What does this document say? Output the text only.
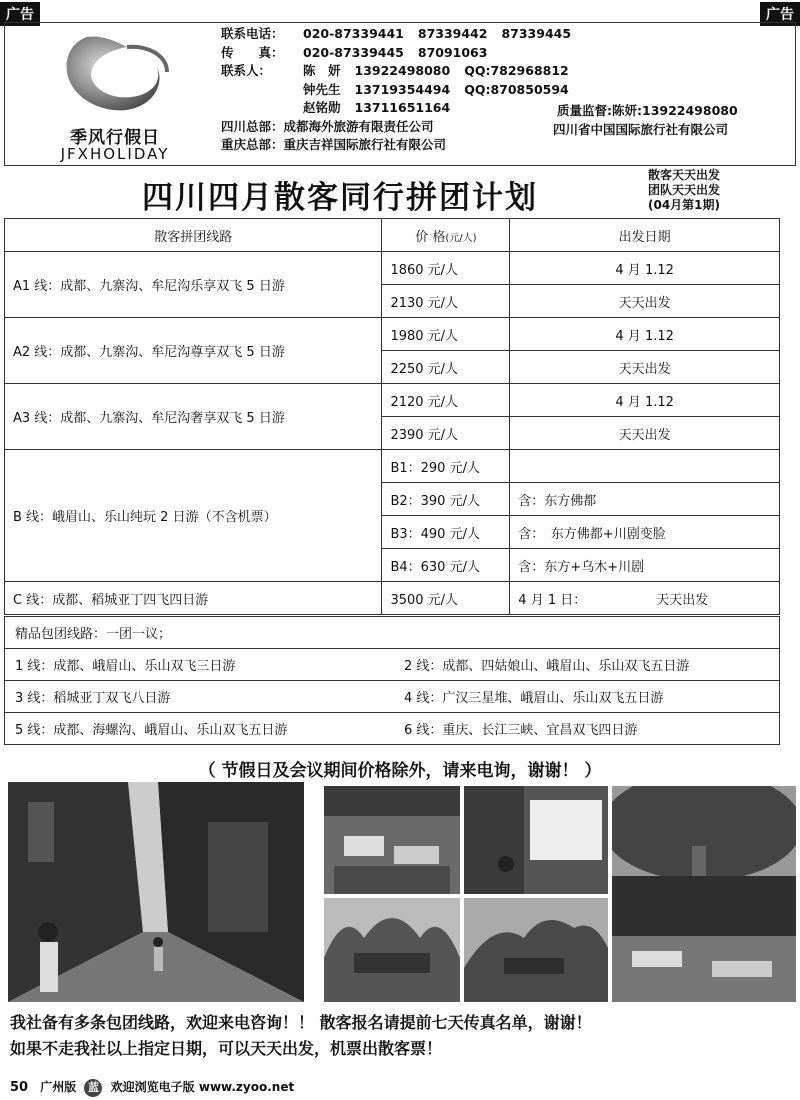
广告	广告
季风行假日
JFXHOLIDAY
联系电话： 020-87339441 87339442 87339445
传　　真： 020-87339445 87091063
联系人：	陈　妍 13922498080 QQ:782968812
钟先生 13719354494 QQ:870850594
赵铭勋 13711651164
四川总部：成都海外旅游有限责任公司
重庆总部：重庆吉祥国际旅行社有限公司
质量监督:陈妍:13922498080
四川省中国国际旅行社有限公司
四川四月散客同行拼团计划
散客天天出发
团队天天出发
(04月第1期)
散客拼团线路	价 格(元/人)	出发日期
A1 线：成都、九寨沟、牟尼沟乐享双飞 5 日游	1860 元/人	4 月 1.12
	2130 元/人	天天出发
A2 线：成都、九寨沟、牟尼沟尊享双飞 5 日游	1980 元/人	4 月 1.12
	2250 元/人	天天出发
A3 线：成都、九寨沟、牟尼沟奢享双飞 5 日游	2120 元/人	4 月 1.12
	2390 元/人	天天出发
B 线：峨眉山、乐山纯玩 2 日游（不含机票）	B1：290 元/人	
	B2：390 元/人	含：东方佛都
	B3：490 元/人	含：　东方佛都+川剧变脸
	B4：630 元/人	含：东方+乌木+川剧
C 线：成都、稻城亚丁四飞四日游	3500 元/人	4 月 1 日： 天天出发
精品包团线路：一团一议；	
1 线：成都、峨眉山、乐山双飞三日游	2 线：成都、四姑娘山、峨眉山、乐山双飞五日游
3 线：稻城亚丁双飞八日游	4 线：广汉三星堆、峨眉山、乐山双飞五日游
5 线：成都、海螺沟、峨眉山、乐山双飞五日游	6 线：重庆、长江三峡、宜昌双飞四日游
（ 节假日及会议期间价格除外，请来电询，谢谢！ ）
我社备有多条包团线路，欢迎来电咨询！！ 散客报名请提前七天传真名单，谢谢！
如果不走我社以上指定日期，可以天天出发，机票出散客票！
50 广州版 蓝 欢迎浏览电子版 www.zyoo.net
